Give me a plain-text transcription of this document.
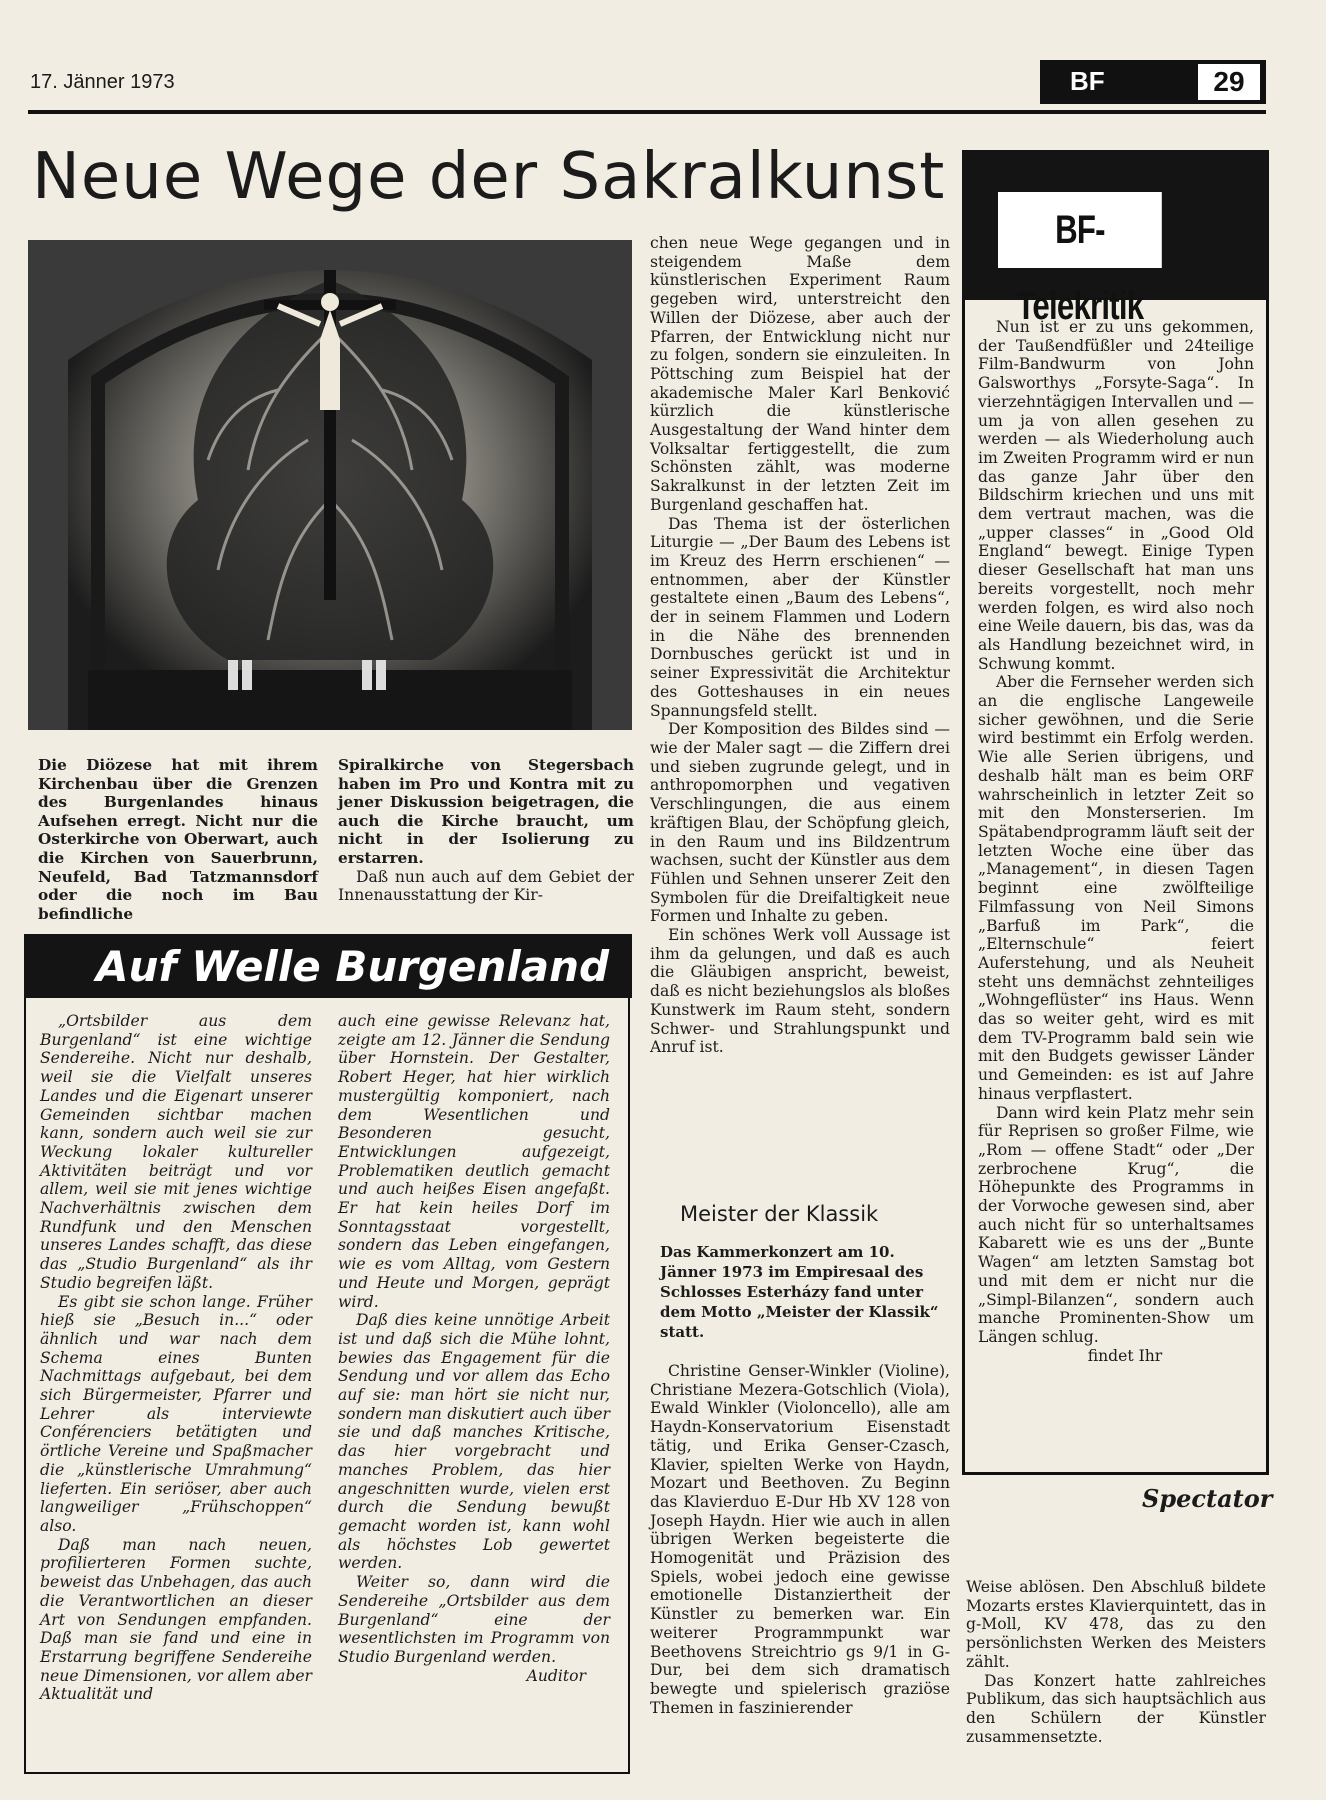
17. Jänner 1973	BF	29
Neue Wege der Sakralkunst

Die Diözese hat mit ihrem Kirchenbau über die Grenzen des Burgenlandes hinaus Aufsehen erregt. Nicht nur die Osterkirche von Oberwart, auch die Kirchen von Sauerbrunn, Neufeld, Bad Tatzmannsdorf oder die noch im Bau befindliche

Spiralkirche von Stegersbach haben im Pro und Kontra mit zu jener Diskussion beigetragen, die auch die Kirche braucht, um nicht in der Isolierung zu erstarren.

Daß nun auch auf dem Gebiet der Innenausstattung der Kir-

chen neue Wege gegangen und in steigendem Maße dem künstlerischen Experiment Raum gegeben wird, unterstreicht den Willen der Diözese, aber auch der Pfarren, der Entwicklung nicht nur zu folgen, sondern sie einzuleiten. In Pöttsching zum Beispiel hat der akademische Maler Karl Benković kürzlich die künstlerische Ausgestaltung der Wand hinter dem Volksaltar fertiggestellt, die zum Schönsten zählt, was moderne Sakralkunst in der letzten Zeit im Burgenland geschaffen hat.

Das Thema ist der österlichen Liturgie — „Der Baum des Lebens ist im Kreuz des Herrn erschienen“ — entnommen, aber der Künstler gestaltete einen „Baum des Lebens“, der in seinem Flammen und Lodern in die Nähe des brennenden Dornbusches gerückt ist und in seiner Expressivität die Architektur des Gotteshauses in ein neues Spannungsfeld stellt.

Der Komposition des Bildes sind — wie der Maler sagt — die Ziffern drei und sieben zugrunde gelegt, und in anthropomorphen und vegativen Verschlingungen, die aus einem kräftigen Blau, der Schöpfung gleich, in den Raum und ins Bildzentrum wachsen, sucht der Künstler aus dem Fühlen und Sehnen unserer Zeit den Symbolen für die Dreifaltigkeit neue Formen und Inhalte zu geben.

Ein schönes Werk voll Aussage ist ihm da gelungen, und daß es auch die Gläubigen anspricht, beweist, daß es nicht beziehungslos als bloßes Kunstwerk im Raum steht, sondern Schwer- und Strahlungspunkt und Anruf ist.

Auf Welle Burgenland

„Ortsbilder aus dem Burgenland“ ist eine wichtige Sendereihe. Nicht nur deshalb, weil sie die Vielfalt unseres Landes und die Eigenart unserer Gemeinden sichtbar machen kann, sondern auch weil sie zur Weckung lokaler kultureller Aktivitäten beiträgt und vor allem, weil sie mit jenes wichtige Nachverhältnis zwischen dem Rundfunk und den Menschen unseres Landes schafft, das diese das „Studio Burgenland“ als ihr Studio begreifen läßt.

Es gibt sie schon lange. Früher hieß sie „Besuch in...“ oder ähnlich und war nach dem Schema eines Bunten Nachmittags aufgebaut, bei dem sich Bürgermeister, Pfarrer und Lehrer als interviewte Conférenciers betätigten und örtliche Vereine und Spaßmacher die „künstlerische Umrahmung“ lieferten. Ein seriöser, aber auch langweiliger „Frühschoppen“ also.

Daß man nach neuen, profilierteren Formen suchte, beweist das Unbehagen, das auch die Verantwortlichen an dieser Art von Sendungen empfanden. Daß man sie fand und eine in Erstarrung begriffene Sendereihe neue Dimensionen, vor allem aber Aktualität und

auch eine gewisse Relevanz hat, zeigte am 12. Jänner die Sendung über Hornstein. Der Gestalter, Robert Heger, hat hier wirklich mustergültig komponiert, nach dem Wesentlichen und Besonderen gesucht, Entwicklungen aufgezeigt, Problematiken deutlich gemacht und auch heißes Eisen angefaßt. Er hat kein heiles Dorf im Sonntagsstaat vorgestellt, sondern das Leben eingefangen, wie es vom Alltag, vom Gestern und Heute und Morgen, geprägt wird.

Daß dies keine unnötige Arbeit ist und daß sich die Mühe lohnt, bewies das Engagement für die Sendung und vor allem das Echo auf sie: man hört sie nicht nur, sondern man diskutiert auch über sie und daß manches Kritische, das hier vorgebracht und manches Problem, das hier angeschnitten wurde, vielen erst durch die Sendung bewußt gemacht worden ist, kann wohl als höchstes Lob gewertet werden.

Weiter so, dann wird die Sendereihe „Ortsbilder aus dem Burgenland“ eine der wesentlichsten im Programm von Studio Burgenland werden.

Auditor

Meister der Klassik
Das Kammerkonzert am 10. Jänner 1973 im Empiresaal des Schlosses Esterházy fand unter dem Motto „Meister der Klassik“ statt.

Christine Genser-Winkler (Violine), Christiane Mezera-Gotschlich (Viola), Ewald Winkler (Violoncello), alle am Haydn-Konservatorium Eisenstadt tätig, und Erika Genser-Czasch, Klavier, spielten Werke von Haydn, Mozart und Beethoven. Zu Beginn das Klavierduo E-Dur Hb XV 128 von Joseph Haydn. Hier wie auch in allen übrigen Werken begeisterte die Homogenität und Präzision des Spiels, wobei jedoch eine gewisse emotionelle Distanziertheit der Künstler zu bemerken war. Ein weiterer Programmpunkt war Beethovens Streichtrio gs 9/1 in G-Dur, bei dem sich dramatisch bewegte und spielerisch graziöse Themen in faszinierender

BF-Telekritik

Nun ist er zu uns gekommen, der Taußendfüßler und 24teilige Film-Bandwurm von John Galsworthys „Forsyte-Saga“. In vierzehntägigen Intervallen und — um ja von allen gesehen zu werden — als Wiederholung auch im Zweiten Programm wird er nun das ganze Jahr über den Bildschirm kriechen und uns mit dem vertraut machen, was die „upper classes“ in „Good Old England“ bewegt. Einige Typen dieser Gesellschaft hat man uns bereits vorgestellt, noch mehr werden folgen, es wird also noch eine Weile dauern, bis das, was da als Handlung bezeichnet wird, in Schwung kommt.

Aber die Fernseher werden sich an die englische Langeweile sicher gewöhnen, und die Serie wird bestimmt ein Erfolg werden. Wie alle Serien übrigens, und deshalb hält man es beim ORF wahrscheinlich in letzter Zeit so mit den Monsterserien. Im Spätabendprogramm läuft seit der letzten Woche eine über das „Management“, in diesen Tagen beginnt eine zwölfteilige Filmfassung von Neil Simons „Barfuß im Park“, die „Elternschule“ feiert Auferstehung, und als Neuheit steht uns demnächst zehnteiliges „Wohngeflüster“ ins Haus. Wenn das so weiter geht, wird es mit dem TV-Programm bald sein wie mit den Budgets gewisser Länder und Gemeinden: es ist auf Jahre hinaus verpflastert.

Dann wird kein Platz mehr sein für Reprisen so großer Filme, wie „Rom — offene Stadt“ oder „Der zerbrochene Krug“, die Höhepunkte des Programms in der Vorwoche gewesen sind, aber auch nicht für so unterhaltsames Kabarett wie es uns der „Bunte Wagen“ am letzten Samstag bot und mit dem er nicht nur die „Simpl-Bilanzen“, sondern auch manche Prominenten-Show um Längen schlug.

findet Ihr

Spectator

Weise ablösen. Den Abschluß bildete Mozarts erstes Klavierquintett, das in g-Moll, KV 478, das zu den persönlichsten Werken des Meisters zählt.

Das Konzert hatte zahlreiches Publikum, das sich hauptsächlich aus den Schülern der Künstler zusammensetzte.
